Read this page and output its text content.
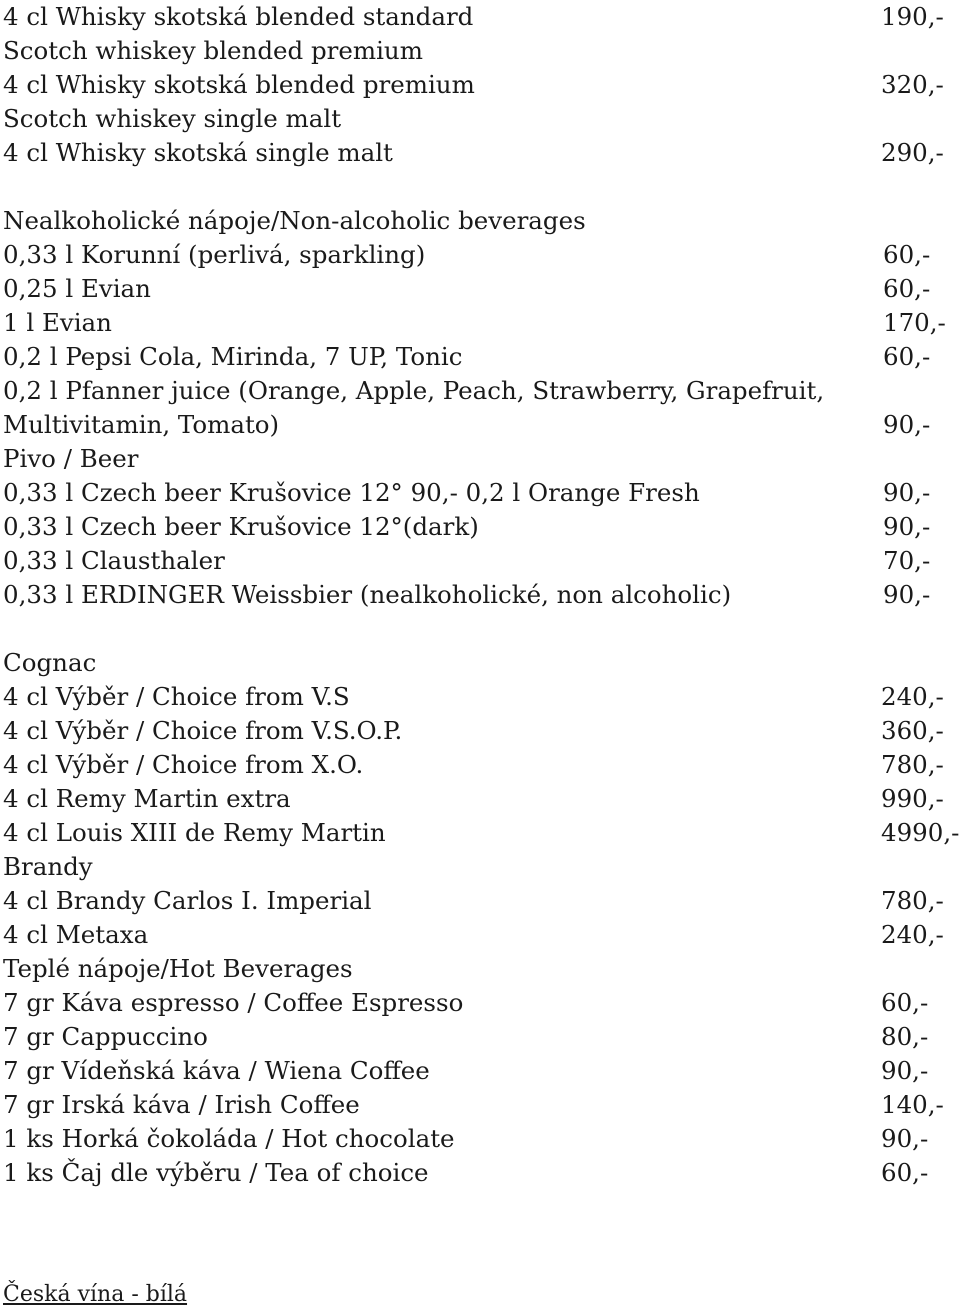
4 cl Whisky skotská blended standard	190,-
Scotch whiskey blended premium
4 cl Whisky skotská blended premium	320,-
Scotch whiskey single malt
4 cl Whisky skotská single malt	290,-
Nealkoholické nápoje/Non-alcoholic beverages
0,33 l Korunní (perlivá, sparkling)	60,-
0,25 l Evian	60,-
1 l Evian	170,-
0,2 l Pepsi Cola, Mirinda, 7 UP, Tonic	60,-
0,2 l Pfanner juice (Orange, Apple, Peach, Strawberry, Grapefruit,
Multivitamin, Tomato)	90,-
Pivo / Beer
0,33 l Czech beer Krušovice 12° 90,- 0,2 l Orange Fresh	90,-
0,33 l Czech beer Krušovice 12°(dark)	90,-
0,33 l Clausthaler	70,-
0,33 l ERDINGER Weissbier (nealkoholické, non alcoholic)	90,-
Cognac
4 cl Výběr / Choice from V.S	240,-
4 cl Výběr / Choice from V.S.O.P.	360,-
4 cl Výběr / Choice from X.O.	780,-
4 cl Remy Martin extra	990,-
4 cl Louis XIII de Remy Martin	4990,-
Brandy
4 cl Brandy Carlos I. Imperial	780,-
4 cl Metaxa	240,-
Teplé nápoje/Hot Beverages
7 gr Káva espresso / Coffee Espresso	60,-
7 gr Cappuccino	80,-
7 gr Vídeňská káva / Wiena Coffee	90,-
7 gr Irská káva / Irish Coffee	140,-
1 ks Horká čokoláda / Hot chocolate	90,-
1 ks Čaj dle výběru / Tea of choice	60,-
Česká vína - bílá
